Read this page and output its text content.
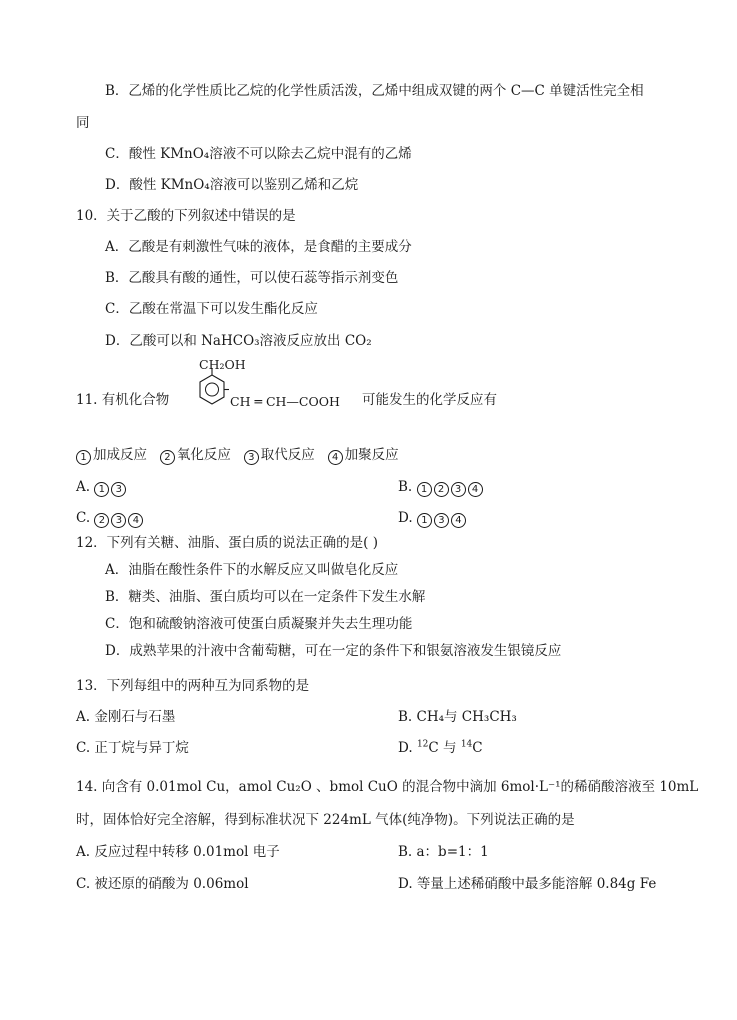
B．乙烯的化学性质比乙烷的化学性质活泼，乙烯中组成双键的两个 C—C 单键活性完全相
同
C．酸性 KMnO₄溶液不可以除去乙烷中混有的乙烯
D．酸性 KMnO₄溶液可以鉴别乙烯和乙烷
10．关于乙酸的下列叙述中错误的是
A．乙酸是有刺激性气味的液体，是食醋的主要成分
B．乙酸具有酸的通性，可以使石蕊等指示剂变色
C．乙酸在常温下可以发生酯化反应
D．乙酸可以和 NaHCO₃溶液反应放出 CO₂
11. 有机化合物
CH₂OH
CH ═ CH—COOH 可能发生的化学反应有
1 加成反应 2 氧化反应 3 取代反应 4 加聚反应
A. 1 3	B. 1 2 3 4
C. 2 3 4	D. 1 3 4
12．下列有关糖、油脂、蛋白质的说法正确的是( )
A．油脂在酸性条件下的水解反应又叫做皂化反应
B．糖类、油脂、蛋白质均可以在一定条件下发生水解
C．饱和硫酸钠溶液可使蛋白质凝聚并失去生理功能
D．成熟苹果的汁液中含葡萄糖，可在一定的条件下和银氨溶液发生银镜反应
13．下列每组中的两种互为同系物的是
A. 金刚石与石墨	B. CH₄与 CH₃CH₃
C. 正丁烷与异丁烷	D. $^{12}$C 与 $^{14}$C
14. 向含有 0.01mol Cu，amol Cu₂O 、bmol CuO 的混合物中滴加 6mol·L⁻¹的稀硝酸溶液至 10mL
时，固体恰好完全溶解，得到标准状况下 224mL 气体(纯净物)。下列说法正确的是
A. 反应过程中转移 0.01mol 电子	B. a：b=1：1
C. 被还原的硝酸为 0.06mol	D. 等量上述稀硝酸中最多能溶解 0.84g Fe
